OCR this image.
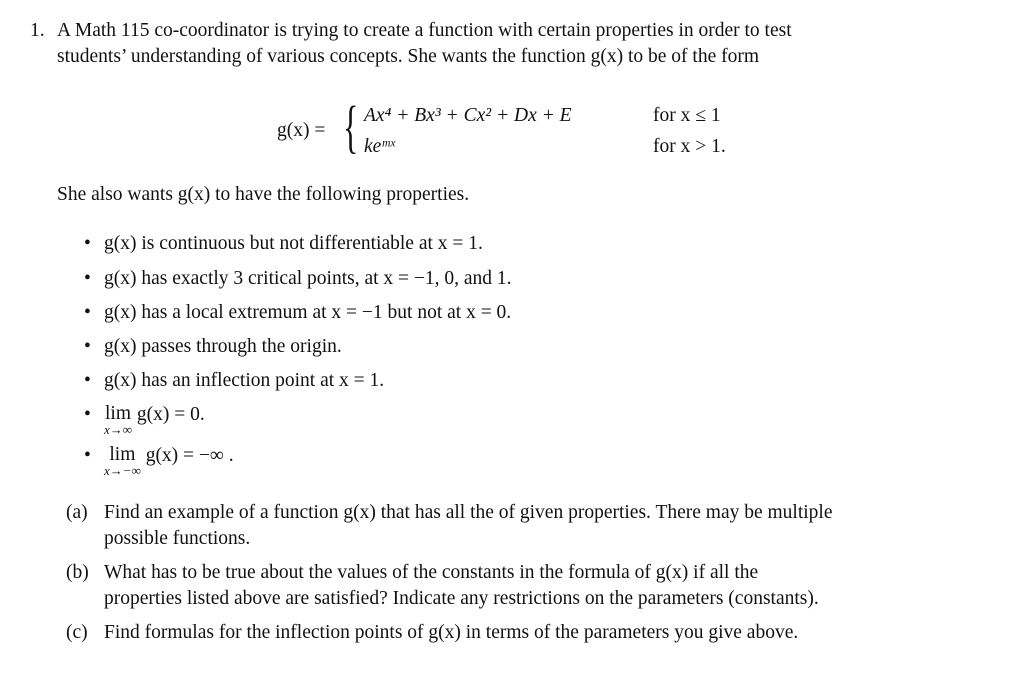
1. A Math 115 co-coordinator is trying to create a function with certain properties in order to test
students’ understanding of various concepts. She wants the function g(x) to be of the form
g(x) = { Ax⁴ + Bx³ + Cx² + Dx + E	for x ≤ 1
keᵐˣ	for x > 1.
She also wants g(x) to have the following properties.
• g(x) is continuous but not differentiable at x = 1.
• g(x) has exactly 3 critical points, at x = −1, 0, and 1.
• g(x) has a local extremum at x = −1 but not at x = 0.
• g(x) passes through the origin.
• g(x) has an inflection point at x = 1.
• lim
x→∞
g(x) = 0.
• lim
x→−∞
g(x) = −∞ .
(a) Find an example of a function g(x) that has all the of given properties. There may be multiple
possible functions.
(b) What has to be true about the values of the constants in the formula of g(x) if all the
properties listed above are satisfied? Indicate any restrictions on the parameters (constants).
(c) Find formulas for the inflection points of g(x) in terms of the parameters you give above.
